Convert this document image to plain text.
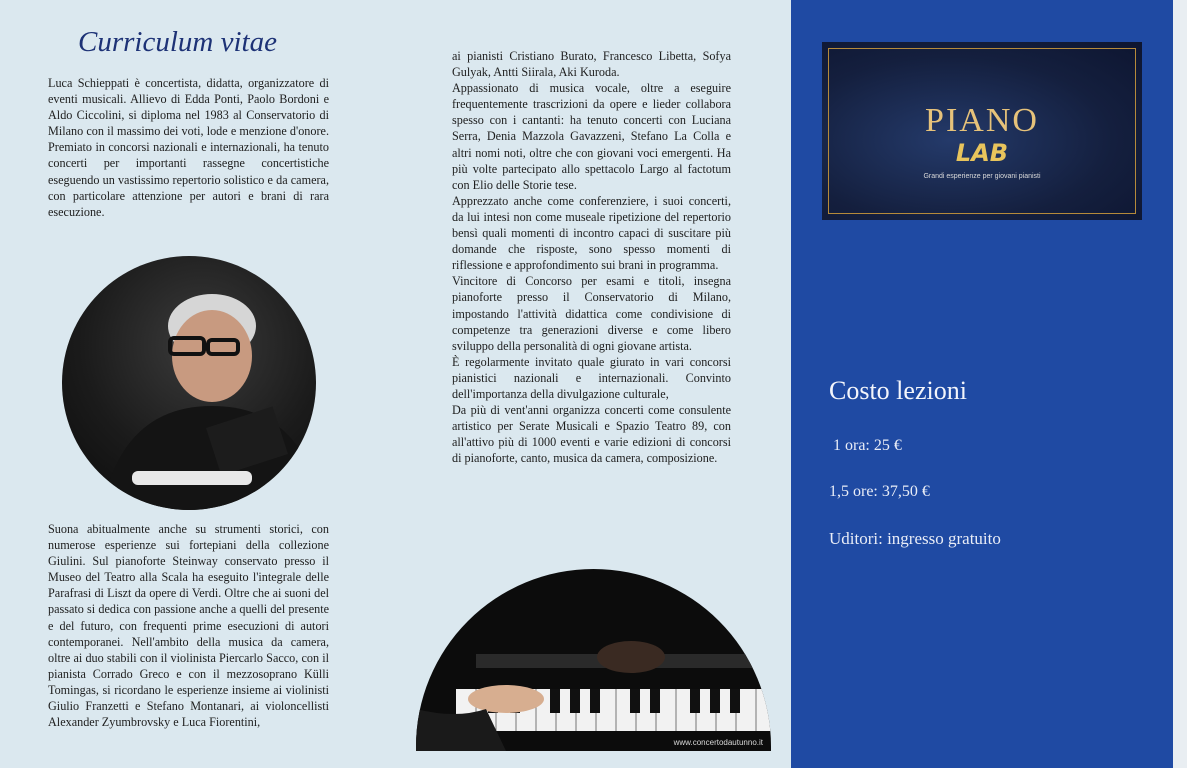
Curriculum vitae

Luca Schieppati è concertista, didatta, organizzatore di eventi musicali. Allievo di Edda Ponti, Paolo Bordoni e Aldo Ciccolini, si diploma nel 1983 al Conservatorio di Milano con il massimo dei voti, lode e menzione d'onore. Premiato in concorsi nazionali e internazionali, ha tenuto concerti per importanti rassegne concertistiche eseguendo un vastissimo repertorio solistico e da camera, con particolare attenzione per autori e brani di rara esecuzione.

Suona abitualmente anche su strumenti storici, con numerose esperienze sui fortepiani della collezione Giulini. Sul pianoforte Steinway conservato presso il Museo del Teatro alla Scala ha eseguito l'integrale delle Parafrasi di Liszt da opere di Verdi. Oltre che ai suoni del passato si dedica con passione anche a quelli del presente e del futuro, con frequenti prime esecuzioni di autori contemporanei. Nell'ambito della musica da camera, oltre ai duo stabili con il violinista Piercarlo Sacco, con il pianista Corrado Greco e con il mezzosoprano Külli Tomingas, si ricordano le esperienze insieme ai violinisti Giulio Franzetti e Stefano Montanari, ai violoncellisti Alexander Zyumbrovsky e Luca Fiorentini,

ai pianisti Cristiano Burato, Francesco Libetta, Sofya Gulyak, Antti Siirala, Aki Kuroda.

Appassionato di musica vocale, oltre a eseguire frequentemente trascrizioni da opere e lieder collabora spesso con i cantanti: ha tenuto concerti con Luciana Serra, Denia Mazzola Gavazzeni, Stefano La Colla e altri nomi noti, oltre che con giovani voci emergenti. Ha più volte partecipato allo spettacolo Largo al factotum con Elio delle Storie tese.

Apprezzato anche come conferenziere, i suoi concerti, da lui intesi non come museale ripetizione del repertorio bensì quali momenti di incontro capaci di suscitare più domande che risposte, sono spesso momenti di riflessione e approfondimento sui brani in programma.

Vincitore di Concorso per esami e titoli, insegna pianoforte presso il Conservatorio di Milano, impostando l'attività didattica come condivisione di competenze tra generazioni diverse e come libero sviluppo della personalità di ogni giovane artista.

È regolarmente invitato quale giurato in vari concorsi pianistici nazionali e internazionali. Convinto dell'importanza della divulgazione culturale,

Da più di vent'anni organizza concerti come consulente artistico per Serate Musicali e Spazio Teatro 89, con all'attivo più di 1000 eventi e varie edizioni di concorsi di pianoforte, canto, musica da camera, composizione.

www.concertodautunno.it
PIANO
LAB
Grandi esperienze per giovani pianisti
Costo lezioni

1 ora: 25 €

1,5 ore: 37,50 €

Uditori: ingresso gratuito
